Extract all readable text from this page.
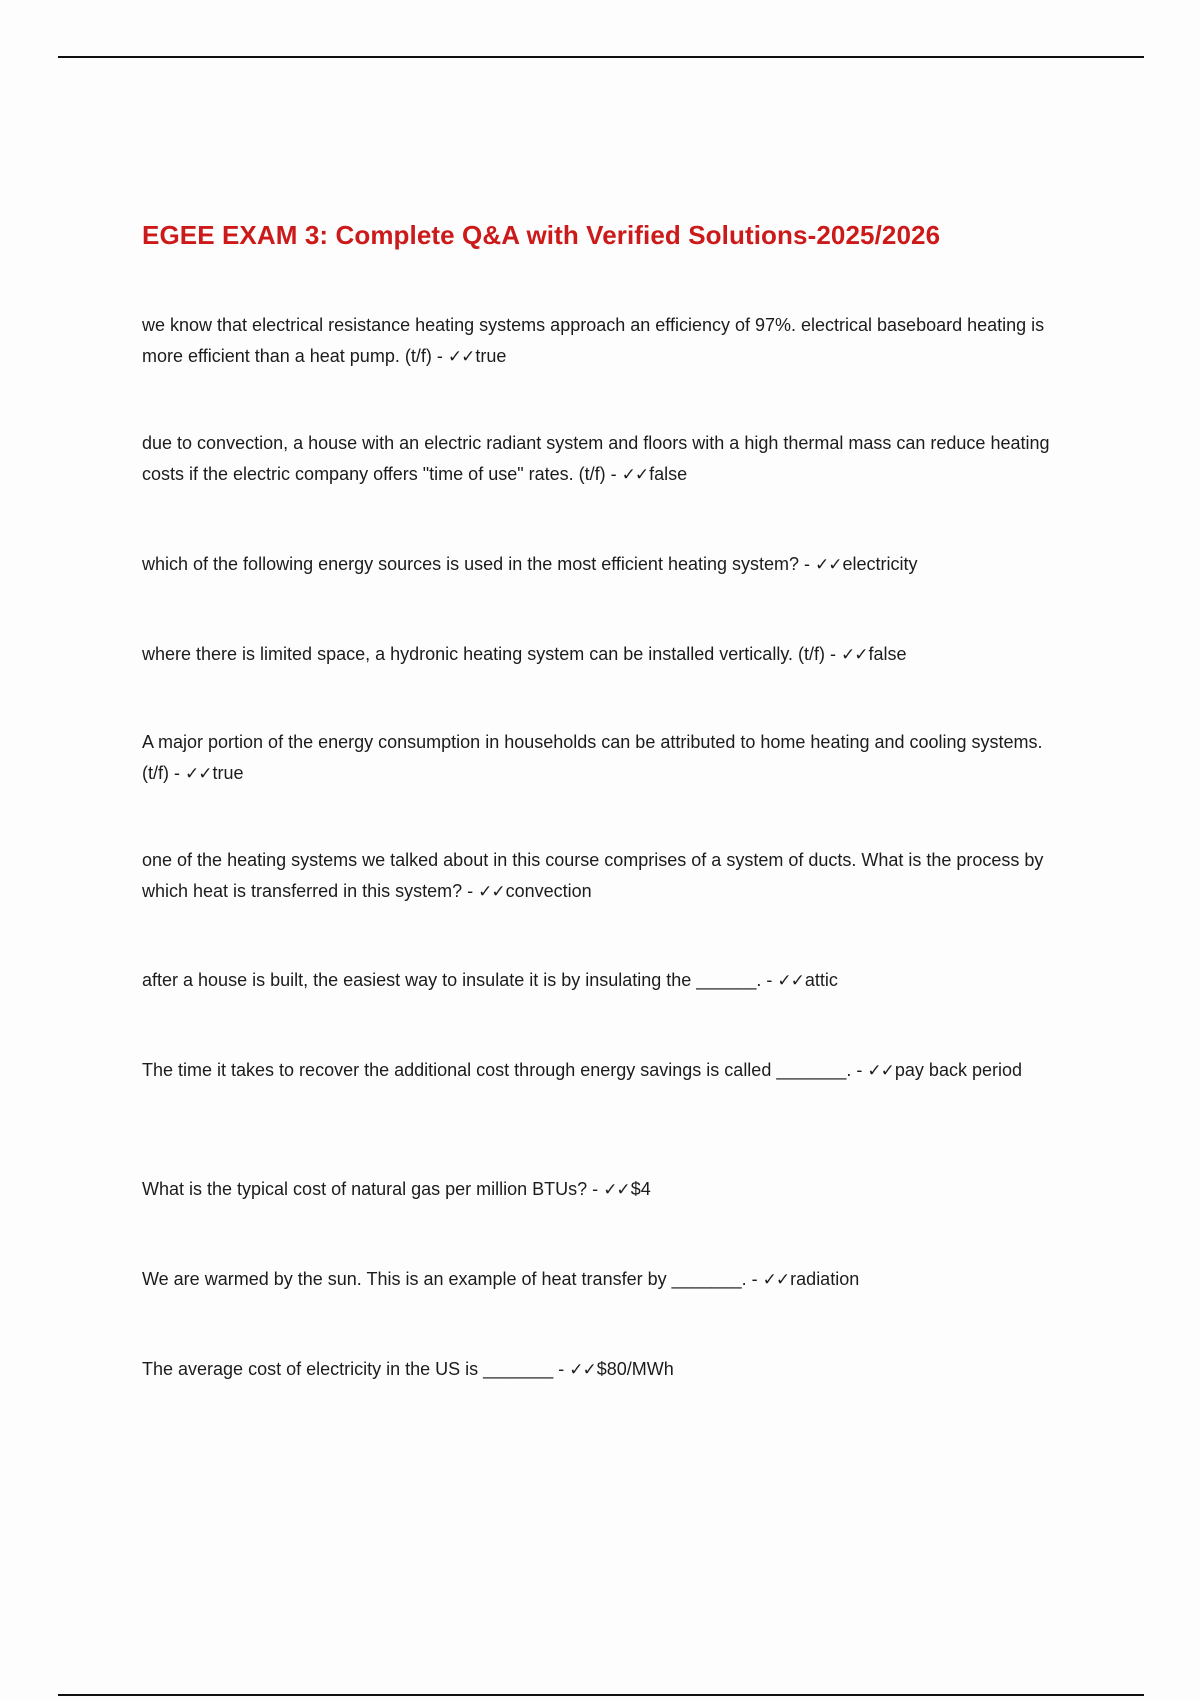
EGEE EXAM 3: Complete Q&A with Verified Solutions-2025/2026

we know that electrical resistance heating systems approach an efficiency of 97%. electrical baseboard heating is more efficient than a heat pump. (t/f) - ✓✓true

due to convection, a house with an electric radiant system and floors with a high thermal mass can reduce heating costs if the electric company offers "time of use" rates. (t/f) - ✓✓false

which of the following energy sources is used in the most efficient heating system? - ✓✓electricity

where there is limited space, a hydronic heating system can be installed vertically. (t/f) - ✓✓false

A major portion of the energy consumption in households can be attributed to home heating and cooling systems. (t/f) - ✓✓true

one of the heating systems we talked about in this course comprises of a system of ducts. What is the process by which heat is transferred in this system? - ✓✓convection

after a house is built, the easiest way to insulate it is by insulating the ______. - ✓✓attic

The time it takes to recover the additional cost through energy savings is called _______. - ✓✓pay back period

What is the typical cost of natural gas per million BTUs? - ✓✓$4

We are warmed by the sun. This is an example of heat transfer by _______. - ✓✓radiation

The average cost of electricity in the US is _______ - ✓✓$80/MWh
